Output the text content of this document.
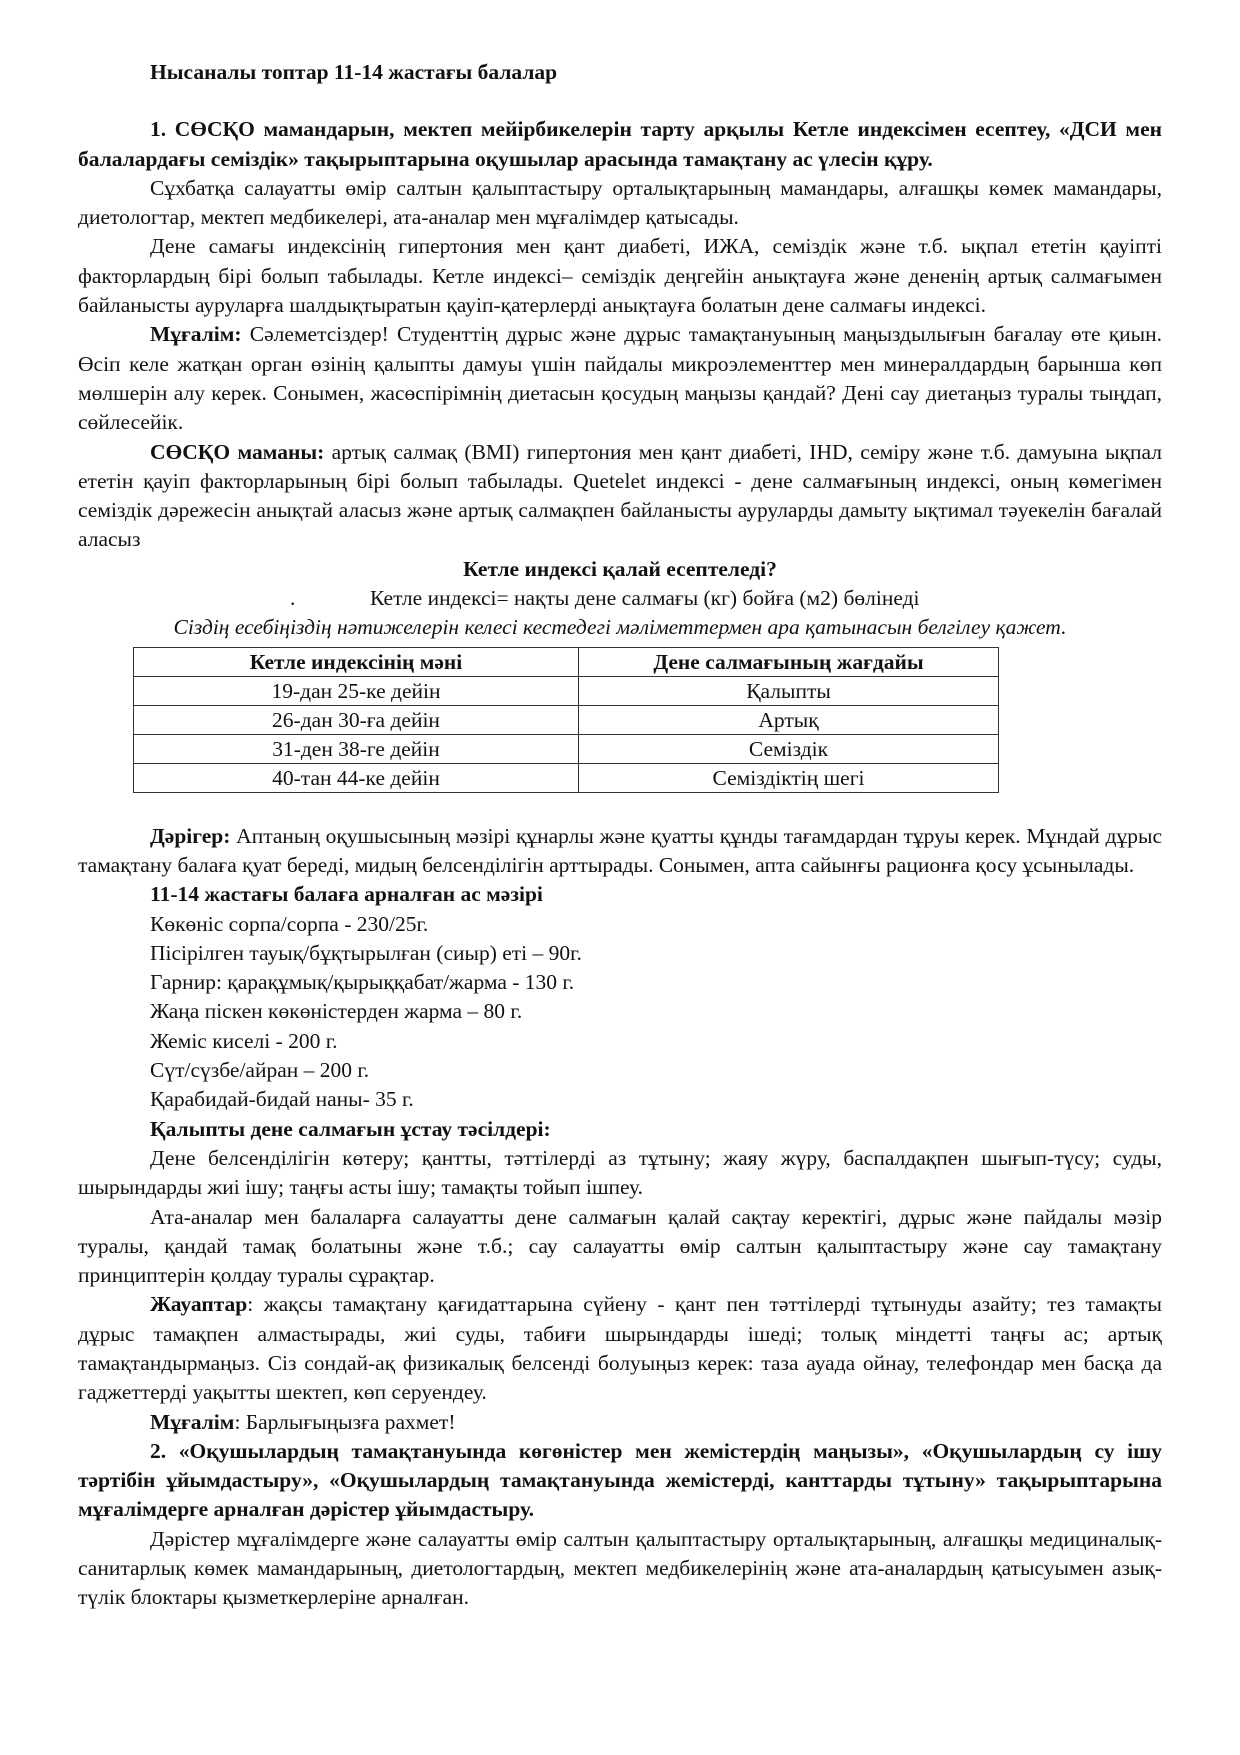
Нысаналы топтар 11-14 жастағы балалар

1. СӨСҚО мамандарын, мектеп мейірбикелерін тарту арқылы Кетле индексімен есептеу, «ДСИ мен балалардағы семіздік» тақырыптарына оқушылар арасында тамақтану ас үлесін құру.

Сұхбатқа салауатты өмір салтын қалыптастыру орталықтарының мамандары, алғашқы көмек мамандары, диетологтар, мектеп медбикелері, ата-аналар мен мұғалімдер қатысады.

Дене самағы индексінің гипертония мен қант диабеті, ИЖА, семіздік және т.б. ықпал ететін қауіпті факторлардың бірі болып табылады. Кетле индексі– семіздік деңгейін анықтауға және дененің артық салмағымен байланысты ауруларға шалдықтыратын қауіп-қатерлерді анықтауға болатын дене салмағы индексі.

Мұғалім: Сәлеметсіздер! Студенттің дұрыс және дұрыс тамақтануының маңыздылығын бағалау өте қиын. Өсіп келе жатқан орган өзінің қалыпты дамуы үшін пайдалы микроэлементтер мен минералдардың барынша көп мөлшерін алу керек. Сонымен, жасөспірімнің диетасын қосудың маңызы қандай? Дені сау диетаңыз туралы тыңдап, сөйлесейік.

СӨСҚО маманы: артық салмақ (BMI) гипертония мен қант диабеті, IHD, семіру және т.б. дамуына ықпал ететін қауіп факторларының бірі болып табылады. Quetelet индексі - дене салмағының индексі, оның көмегімен семіздік дәрежесін анықтай аласыз және артық салмақпен байланысты ауруларды дамыту ықтимал тәуекелін бағалай аласыз

Кетле индексі қалай есептеледі?

.	Кетле индексі= нақты дене салмағы (кг) бойға (м2) бөлінеді

Сіздің есебіңіздің нәтижелерін келесі кестедегі мәліметтермен ара қатынасын белгілеу қажет.

Кетле индексінің мәні	Дене салмағының жағдайы
19-дан 25-ке дейін	Қалыпты
26-дан 30-ға дейін	Артық
31-ден 38-ге дейін	Семіздік
40-тан 44-ке дейін	Семіздіктің шегі

Дәрігер: Аптаның оқушысының мәзірі құнарлы және қуатты құнды тағамдардан тұруы керек. Мұндай дұрыс тамақтану балаға қуат береді, мидың белсенділігін арттырады. Сонымен, апта сайынғы рационға қосу ұсынылады.

11-14 жастағы балаға арналған ас мәзірі

Көкөніс сорпа/сорпа - 230/25г.

Пісірілген тауық/бұқтырылған (сиыр) еті – 90г.

Гарнир: қарақұмық/қырыққабат/жарма - 130 г.

Жаңа піскен көкөністерден жарма – 80 г.

Жеміс киселі - 200 г.

Сүт/сүзбе/айран – 200 г.

Қарабидай-бидай наны- 35 г.

Қалыпты дене салмағын ұстау тәсілдері:

Дене белсенділігін көтеру; қантты, тәттілерді аз тұтыну; жаяу жүру, баспалдақпен шығып-түсу; суды, шырындарды жиі ішу; таңғы асты ішу; тамақты тойып ішпеу.

Ата-аналар мен балаларға салауатты дене салмағын қалай сақтау керектігі, дұрыс және пайдалы мәзір туралы, қандай тамақ болатыны және т.б.; сау салауатты өмір салтын қалыптастыру және сау тамақтану принциптерін қолдау туралы сұрақтар.

Жауаптар: жақсы тамақтану қағидаттарына сүйену - қант пен тәттілерді тұтынуды азайту; тез тамақты дұрыс тамақпен алмастырады, жиі суды, табиғи шырындарды ішеді; толық міндетті таңғы ас; артық тамақтандырмаңыз. Сіз сондай-ақ физикалық белсенді болуыңыз керек: таза ауада ойнау, телефондар мен басқа да гаджеттерді уақытты шектеп, көп серуендеу.

Мұғалім: Барлығыңызға рахмет!

2. «Оқушылардың тамақтануында көгөністер мен жемістердің маңызы», «Оқушылардың су ішу тәртібін ұйымдастыру», «Оқушылардың тамақтануында жемістерді, канттарды тұтыну» тақырыптарына мұғалімдерге арналған дәрістер ұйымдастыру.

Дәрістер мұғалімдерге және салауатты өмір салтын қалыптастыру орталықтарының, алғашқы медициналық-санитарлық көмек мамандарының, диетологтардың, мектеп медбикелерінің және ата-аналардың қатысуымен азық-түлік блоктары қызметкерлеріне арналған.
